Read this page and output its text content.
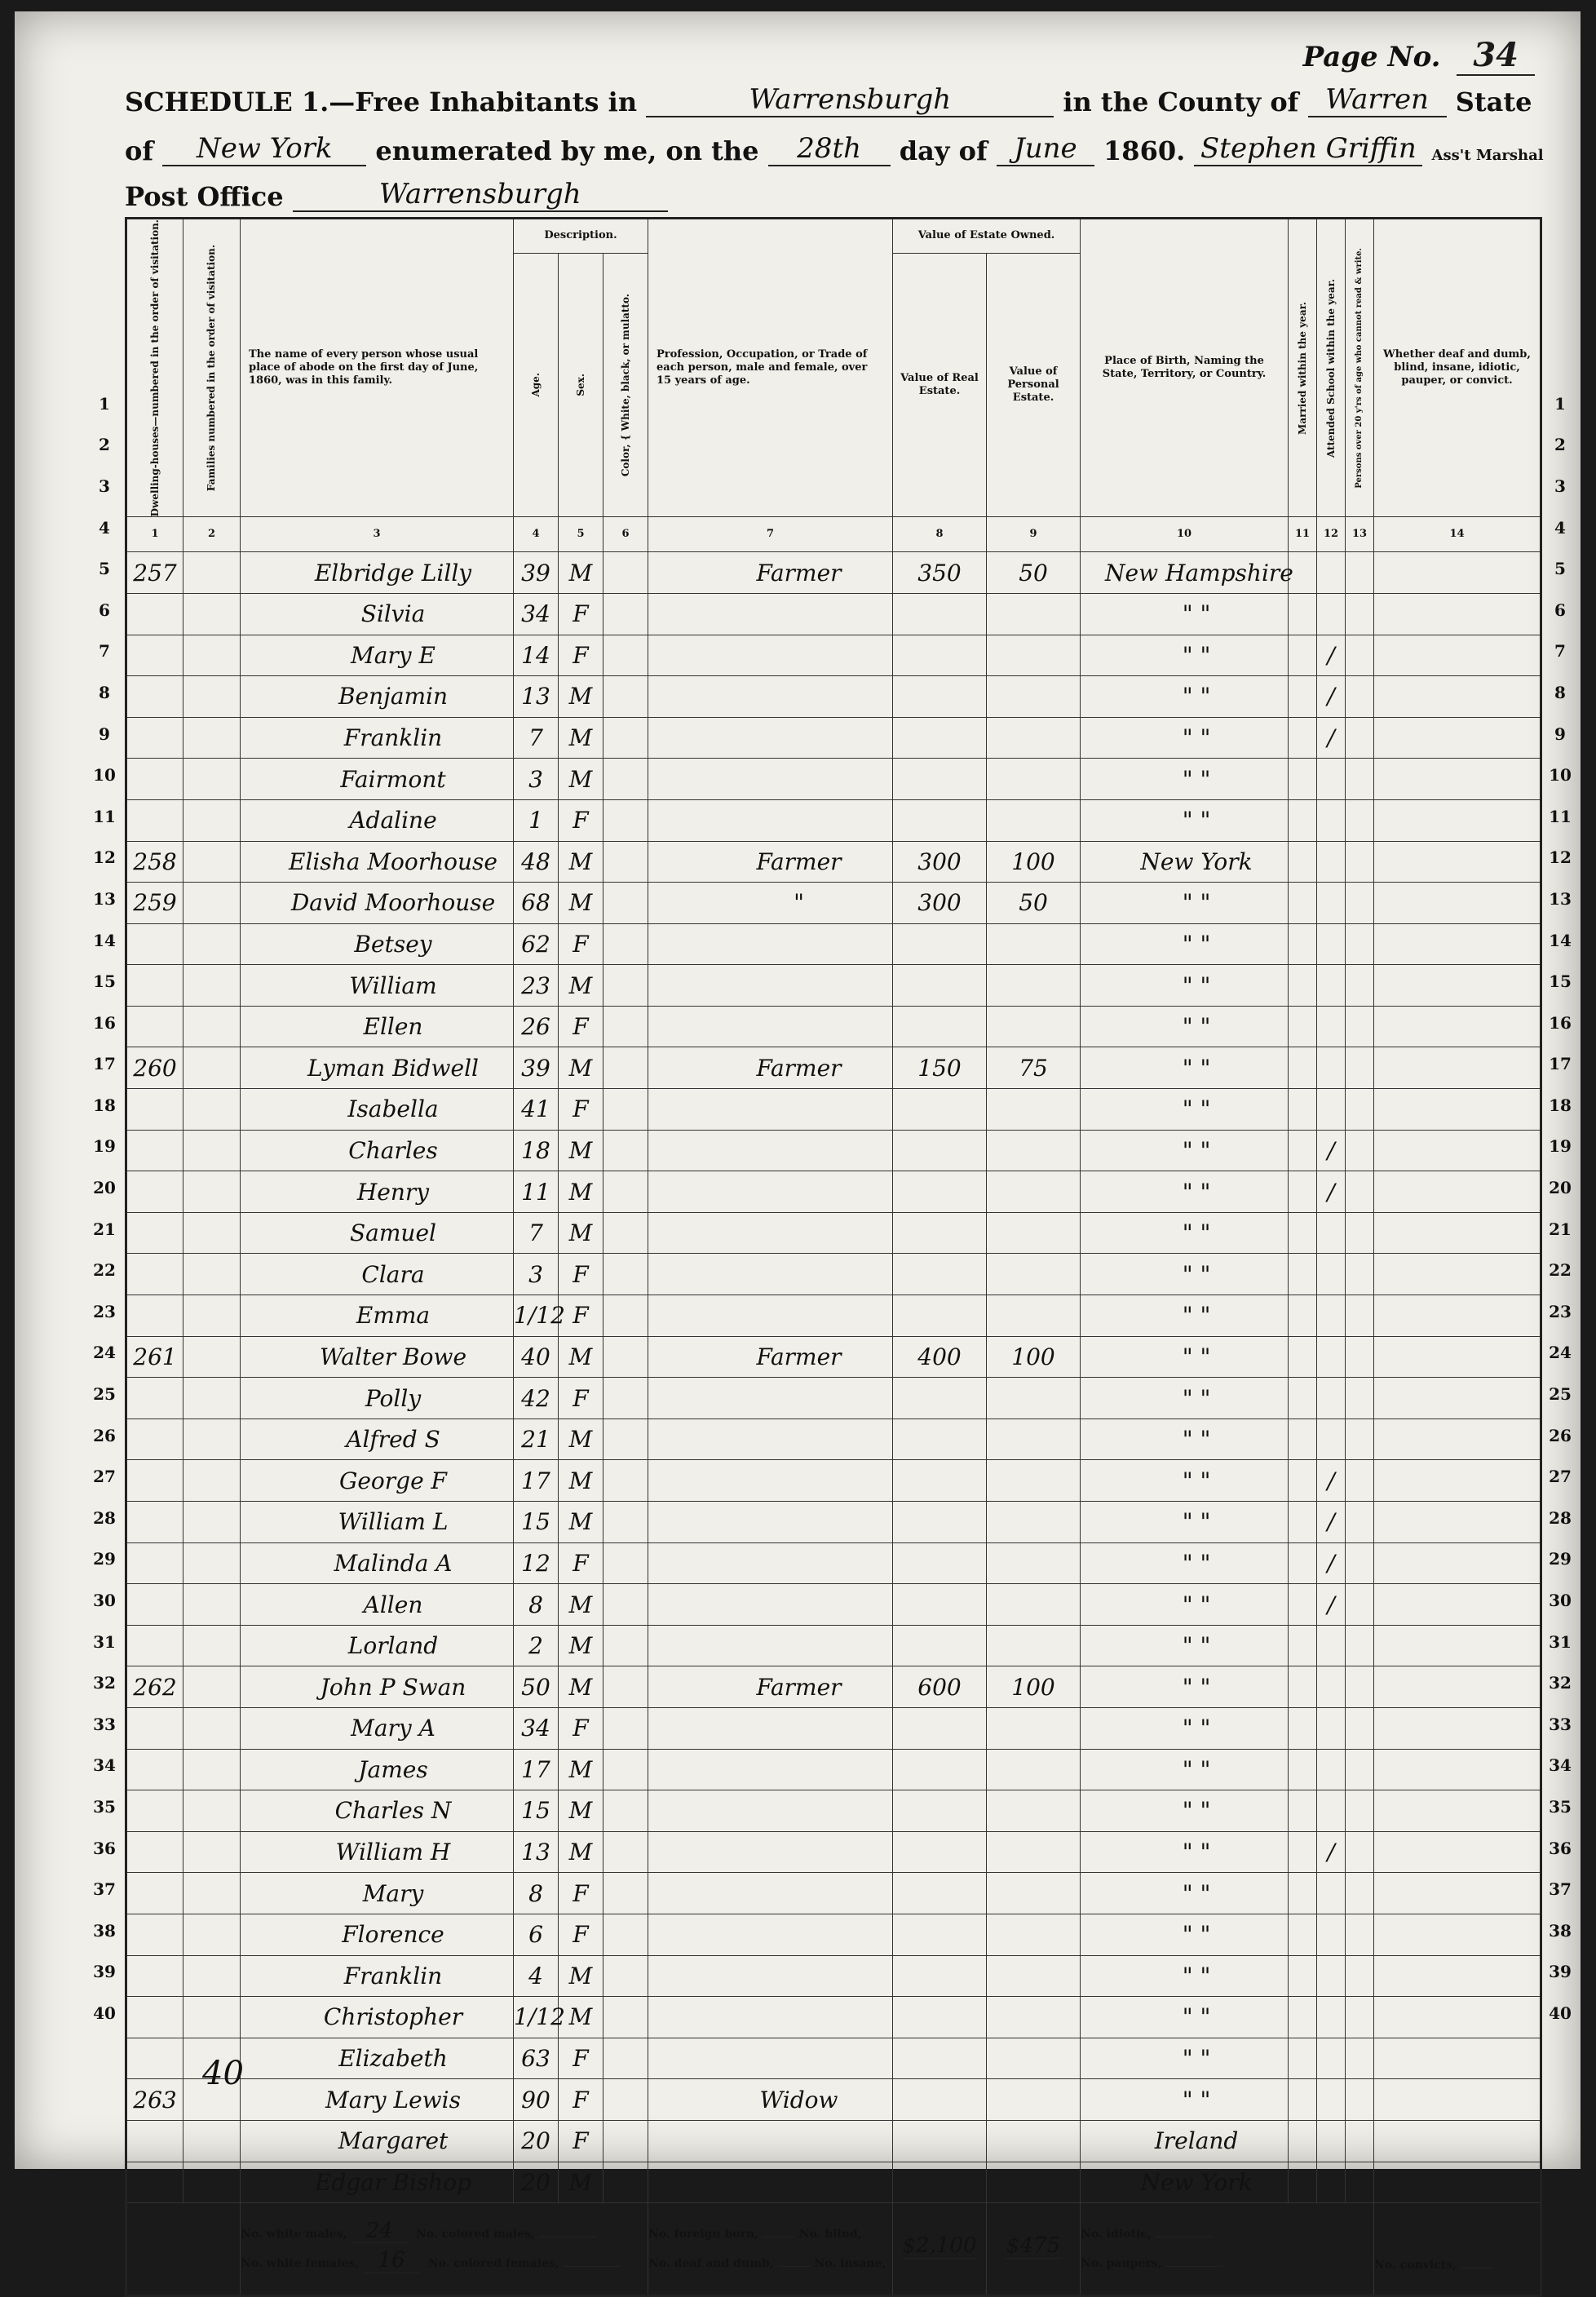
Page No. 34
SCHEDULE 1.—Free Inhabitants in	Warrensburgh	in the County of Warren State
of New York enumerated by me, on the 28th day of June 1860. Stephen Griffin Ass't Marshal
Post Office	Warrensburgh
Dwelling-houses—numbered in the order of visitation.	Families numbered in the order of visitation.	The name of every person whose usual place of abode on the first day of June, 1860, was in this family.	Description.			Profession, Occupation, or Trade of each person, male and female, over 15 years of age.	Value of Estate Owned.		Place of Birth, Naming the State, Territory, or Country.	Married within the year.	Attended School within the year.	Persons over 20 y'rs of age who cannot read & write.	Whether deaf and dumb, blind, insane, idiotic, pauper, or convict.

			Age.	Sex.	Color, { White, black, or mulatto.		Value of Real Estate.	Value of Personal Estate.					
1	2	3	4	5	6	7	8	9	10	11	12	13	14
257		Elbridge Lilly	39	M		Farmer	350	50	New Hampshire				
		Silvia	34	F					" "				
		Mary E	14	F					" "		/		
		Benjamin	13	M					" "		/		
		Franklin	7	M					" "		/		
		Fairmont	3	M					" "				
		Adaline	1	F					" "				
258		Elisha Moorhouse	48	M		Farmer	300	100	New York				
259		David Moorhouse	68	M		"	300	50	" "				
		Betsey	62	F					" "				
		William	23	M					" "				
		Ellen	26	F					" "				
260		Lyman Bidwell	39	M		Farmer	150	75	" "				
		Isabella	41	F					" "				
		Charles	18	M					" "		/		
		Henry	11	M					" "		/		
		Samuel	7	M					" "				
		Clara	3	F					" "				
		Emma	1/12	F					" "				
261		Walter Bowe	40	M		Farmer	400	100	" "				
		Polly	42	F					" "				
		Alfred S	21	M					" "				
		George F	17	M					" "		/		
		William L	15	M					" "		/		
		Malinda A	12	F					" "		/		
		Allen	8	M					" "		/		
		Lorland	2	M					" "				
262		John P Swan	50	M		Farmer	600	100	" "				
		Mary A	34	F					" "				
		James	17	M					" "				
		Charles N	15	M					" "				
		William H	13	M					" "		/		
		Mary	8	F					" "				
		Florence	6	F					" "				
		Franklin	4	M					" "				
		Christopher	1/12	M					" "				
		Elizabeth	63	F					" "				
263		Mary Lewis	90	F		Widow			" "				
		Margaret	20	F					Ireland				
		Edgar Bishop	20	M					New York				
		No. white males, 24 No. colored males,
No. white females, 16 No. colored females,				No. foreign born, No. blind,
No. deaf and dumb, No. insane,	$2,100	$475	No. idiotic,
No. paupers,				No. convicts,
40
1	1
2	2
3	3
4	4
5	5
6	6
7	7
8	8
9	9
10	10
11	11
12	12
13	13
14	14
15	15
16	16
17	17
18	18
19	19
20	20
21	21
22	22
23	23
24	24
25	25
26	26
27	27
28	28
29	29
30	30
31	31
32	32
33	33
34	34
35	35
36	36
37	37
38	38
39	39
40	40
